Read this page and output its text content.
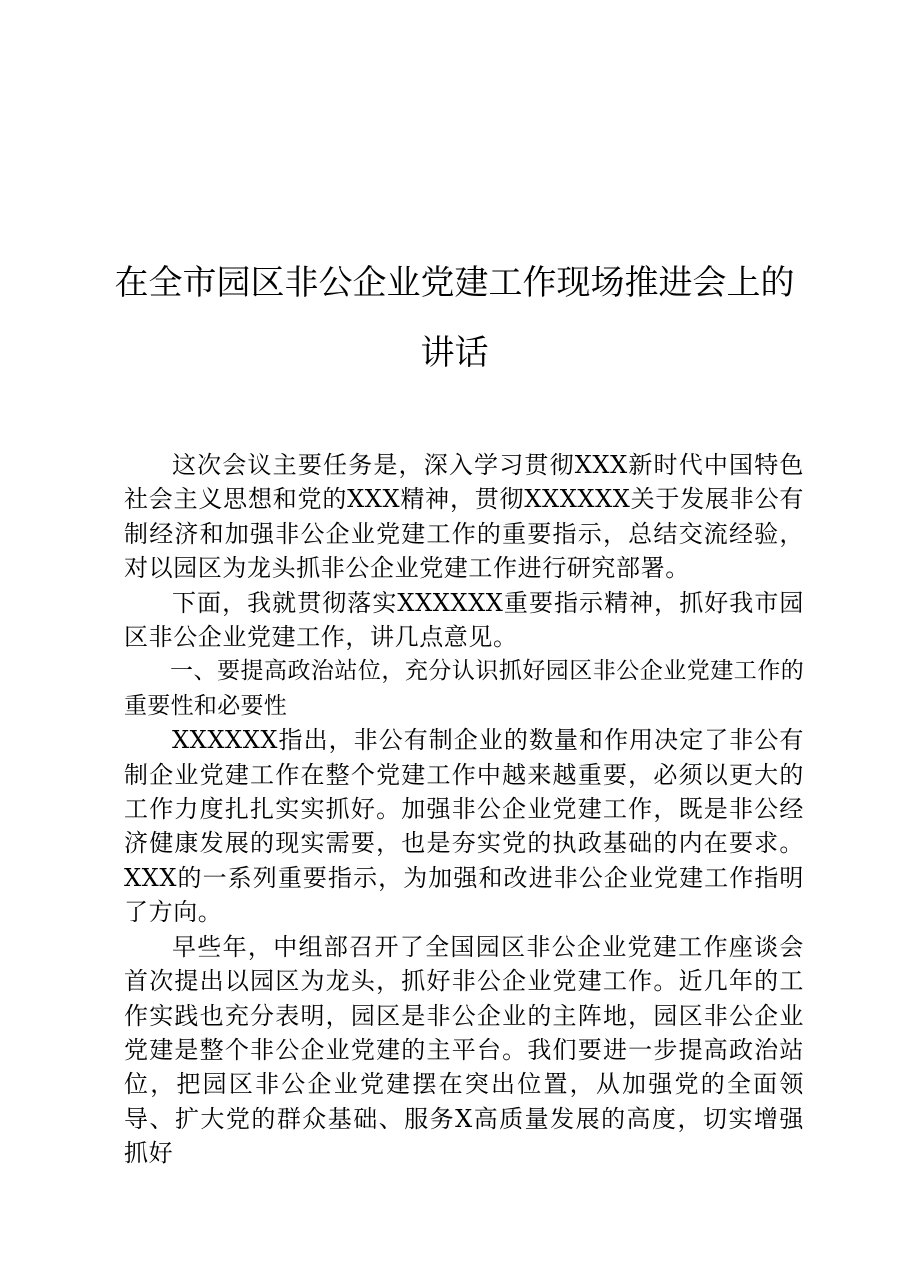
在全市园区非公企业党建工作现场推进会上的
讲话

这次会议主要任务是，深入学习贯彻XXX新时代中国特色社会主义思想和党的XXX精神，贯彻XXXXXX关于发展非公有制经济和加强非公企业党建工作的重要指示，总结交流经验，对以园区为龙头抓非公企业党建工作进行研究部署。

下面，我就贯彻落实XXXXXX重要指示精神，抓好我市园区非公企业党建工作，讲几点意见。

一、要提高政治站位，充分认识抓好园区非公企业党建工作的重要性和必要性

XXXXXX指出，非公有制企业的数量和作用决定了非公有制企业党建工作在整个党建工作中越来越重要，必须以更大的工作力度扎扎实实抓好。加强非公企业党建工作，既是非公经济健康发展的现实需要，也是夯实党的执政基础的内在要求。XXX的一系列重要指示，为加强和改进非公企业党建工作指明了方向。

早些年，中组部召开了全国园区非公企业党建工作座谈会首次提出以园区为龙头，抓好非公企业党建工作。近几年的工作实践也充分表明，园区是非公企业的主阵地，园区非公企业党建是整个非公企业党建的主平台。我们要进一步提高政治站位，把园区非公企业党建摆在突出位置，从加强党的全面领导、扩大党的群众基础、服务X高质量发展的高度，切实增强抓好
